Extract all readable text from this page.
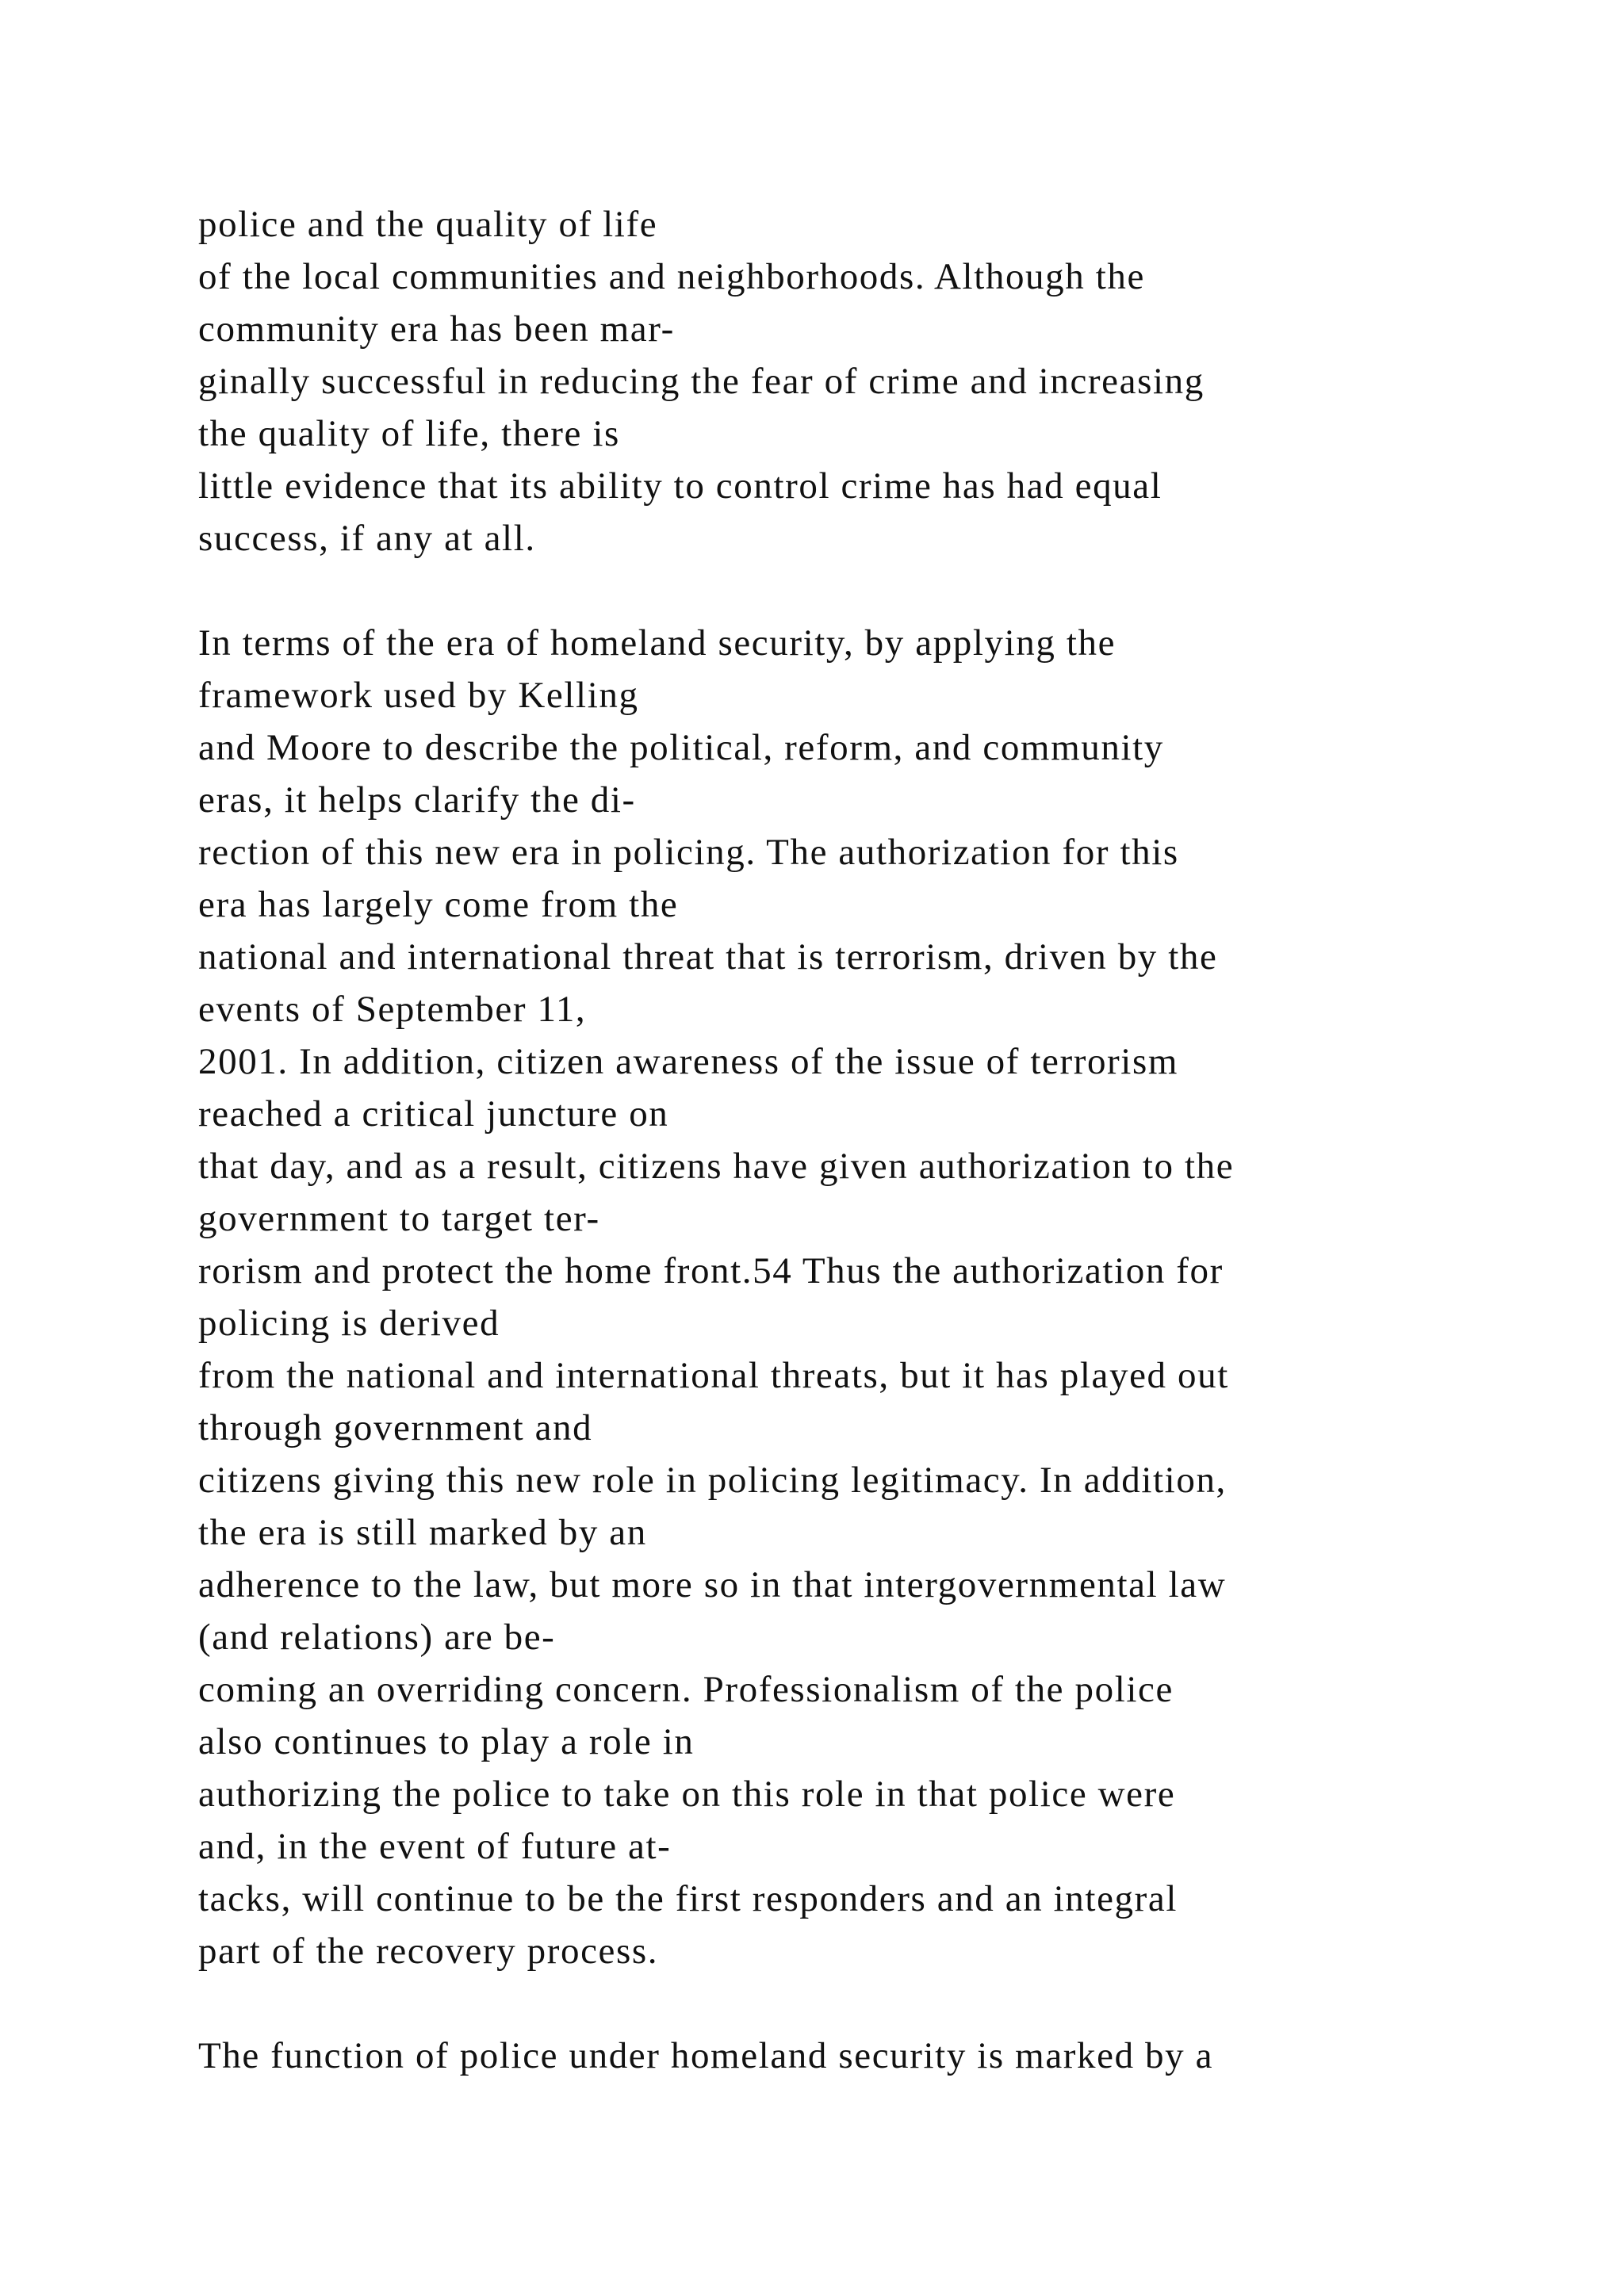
police and the quality of life
of the local communities and neighborhoods. Although the
community era has been mar-
ginally successful in reducing the fear of crime and increasing
the quality of life, there is
little evidence that its ability to control crime has had equal
success, if any at all.
In terms of the era of homeland security, by applying the
framework used by Kelling
and Moore to describe the political, reform, and community
eras, it helps clarify the di-
rection of this new era in policing. The authorization for this
era has largely come from the
national and international threat that is terrorism, driven by the
events of September 11,
2001. In addition, citizen awareness of the issue of terrorism
reached a critical juncture on
that day, and as a result, citizens have given authorization to the
government to target ter-
rorism and protect the home front.54 Thus the authorization for
policing is derived
from the national and international threats, but it has played out
through government and
citizens giving this new role in policing legitimacy. In addition,
the era is still marked by an
adherence to the law, but more so in that intergovernmental law
(and relations) are be-
coming an overriding concern. Professionalism of the police
also continues to play a role in
authorizing the police to take on this role in that police were
and, in the event of future at-
tacks, will continue to be the first responders and an integral
part of the recovery process.
The function of police under homeland security is marked by a
